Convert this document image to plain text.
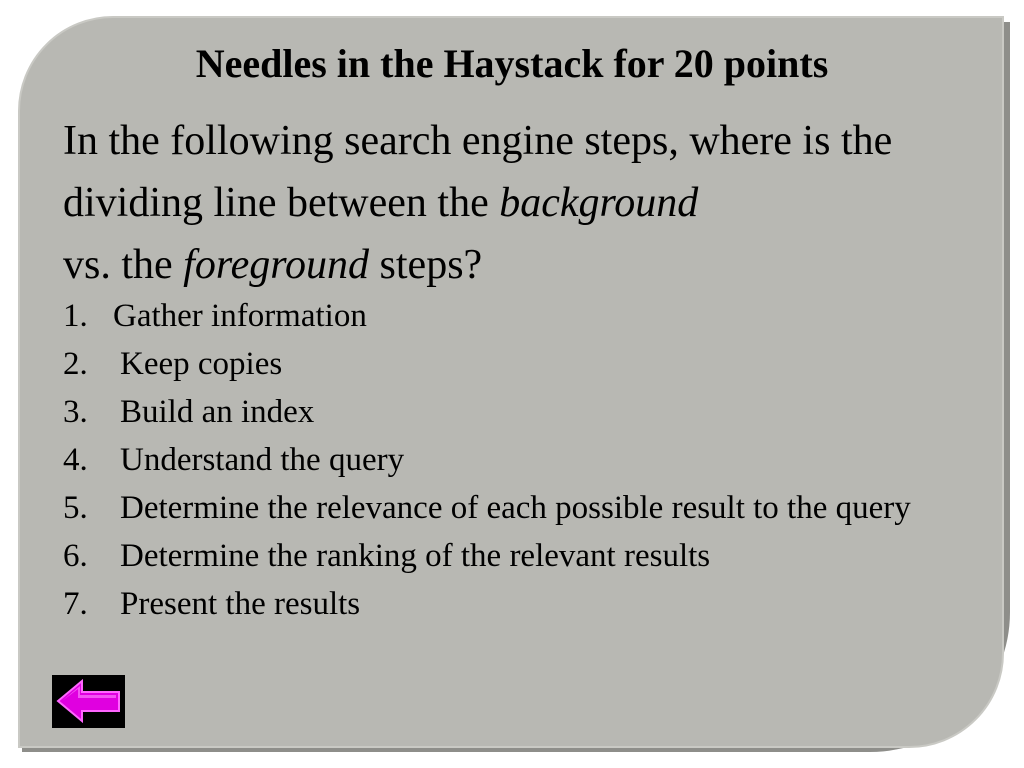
Needles in the Haystack for 20 points

In the following search engine steps, where is the dividing line between the background
vs. the foreground steps?

1. Gather information
2. Keep copies
3. Build an index
4. Understand the query
5. Determine the relevance of each possible result to the query
6. Determine the ranking of the relevant results
7. Present the results
